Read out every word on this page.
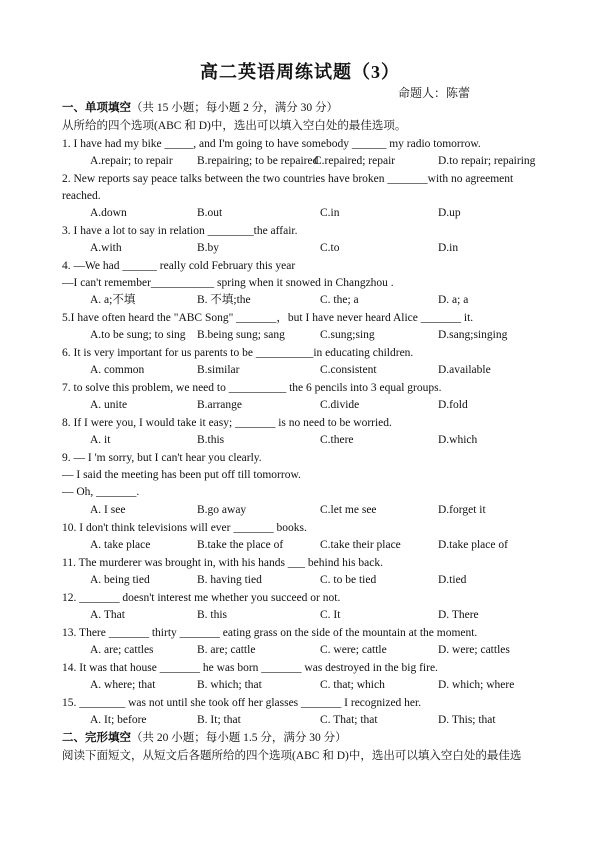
高二英语周练试题（3）
命题人：陈蕾
一、单项填空（共 15 小题；每小题 2 分，满分 30 分）
从所给的四个选项(ABC 和 D)中，选出可以填入空白处的最佳选项。
1. I have had my bike _____, and I'm going to have somebody ______ my radio tomorrow.
A.repair; to repair B.repairing; to be repaired
C.repaired; repair	D.to repair; repairing
2. New reports say peace talks between the two countries have broken _______with no agreement
reached.
A.down	B.out	C.in	D.up
3. I have a lot to say in relation ________the affair.
A.with	B.by	C.to	D.in
4. —We had ______ really cold February this year
—I can't remember___________ spring when it snowed in Changzhou .
A. a;不填	B. 不填;the	C. the; a	D. a; a
5.I have often heard the "ABC Song" _______，but I have never heard Alice _______ it.
A.to be sung; to sing B.being sung; sang	C.sung;sing	D.sang;singing
6. It is very important for us parents to be __________in educating children.
A. common	B.similar	C.consistent	D.available
7. to solve this problem, we need to __________ the 6 pencils into 3 equal groups.
A. unite	B.arrange	C.divide	D.fold
8. If I were you, I would take it easy; _______ is no need to be worried.
A. it	B.this	C.there	D.which
9. — I 'm sorry, but I can't hear you clearly.
— I said the meeting has been put off till tomorrow.
— Oh, _______.
A. I see	B.go away	C.let me see	D.forget it
10. I don't think televisions will ever _______ books.
A. take place	B.take the place of	C.take their place	D.take place of
11. The murderer was brought in, with his hands ___ behind his back.
A. being tied	B. having tied	C. to be tied	D.tied
12. _______ doesn't interest me whether you succeed or not.
A. That	B. this	C. It	D. There
13. There _______ thirty _______ eating grass on the side of the mountain at the moment.
A. are; cattles	B. are; cattle	C. were; cattle	D. were; cattles
14. It was that house _______ he was born _______ was destroyed in the big fire.
A. where; that	B. which; that	C. that; which	D. which; where
15. ________ was not until she took off her glasses _______ I recognized her.
A. It; before	B. It; that	C. That; that	D. This; that
二、完形填空（共 20 小题；每小题 1.5 分，满分 30 分）
阅读下面短文，从短文后各题所给的四个选项(ABC 和 D)中，选出可以填入空白处的最佳选
